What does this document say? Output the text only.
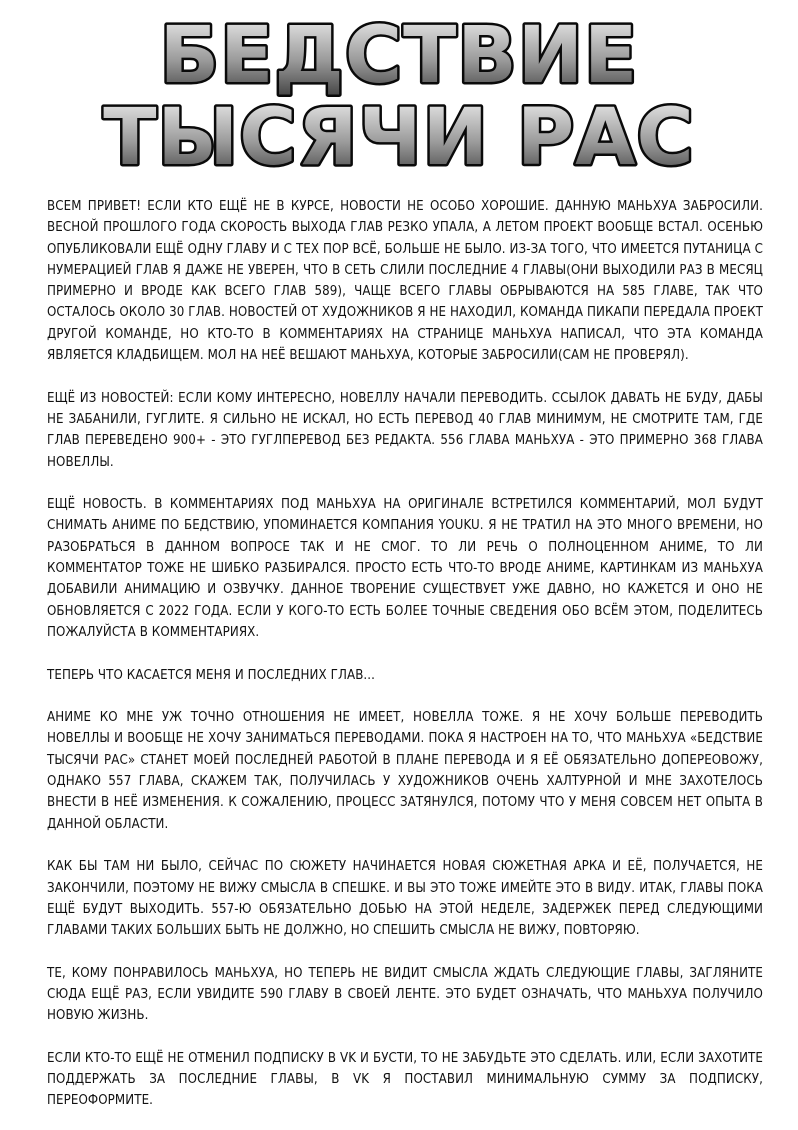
БЕДСТВИЕ
ТЫСЯЧИ РАС

ВСЕМ ПРИВЕТ! ЕСЛИ КТО ЕЩЁ НЕ В КУРСЕ, НОВОСТИ НЕ ОСОБО ХОРОШИЕ. ДАННУЮ МАНЬХУА ЗАБРОСИЛИ. ВЕСНОЙ ПРОШЛОГО ГОДА СКОРОСТЬ ВЫХОДА ГЛАВ РЕЗКО УПАЛА, А ЛЕТОМ ПРОЕКТ ВООБЩЕ ВСТАЛ. ОСЕНЬЮ ОПУБЛИКОВАЛИ ЕЩЁ ОДНУ ГЛАВУ И С ТЕХ ПОР ВСЁ, БОЛЬШЕ НЕ БЫЛО. ИЗ-ЗА ТОГО, ЧТО ИМЕЕТСЯ ПУТАНИЦА С НУМЕРАЦИЕЙ ГЛАВ Я ДАЖЕ НЕ УВЕРЕН, ЧТО В СЕТЬ СЛИЛИ ПОСЛЕДНИЕ 4 ГЛАВЫ(ОНИ ВЫХОДИЛИ РАЗ В МЕСЯЦ ПРИМЕРНО И ВРОДЕ КАК ВСЕГО ГЛАВ 589), ЧАЩЕ ВСЕГО ГЛАВЫ ОБРЫВАЮТСЯ НА 585 ГЛАВЕ, ТАК ЧТО ОСТАЛОСЬ ОКОЛО 30 ГЛАВ. НОВОСТЕЙ ОТ ХУДОЖНИКОВ Я НЕ НАХОДИЛ, КОМАНДА ПИКАПИ ПЕРЕДАЛА ПРОЕКТ ДРУГОЙ КОМАНДЕ, НО КТО-ТО В КОММЕНТАРИЯХ НА СТРАНИЦЕ МАНЬХУА НАПИСАЛ, ЧТО ЭТА КОМАНДА ЯВЛЯЕТСЯ КЛАДБИЩЕМ. МОЛ НА НЕЁ ВЕШАЮТ МАНЬХУА, КОТОРЫЕ ЗАБРОСИЛИ(САМ НЕ ПРОВЕРЯЛ).

ЕЩЁ ИЗ НОВОСТЕЙ: ЕСЛИ КОМУ ИНТЕРЕСНО, НОВЕЛЛУ НАЧАЛИ ПЕРЕВОДИТЬ. ССЫЛОК ДАВАТЬ НЕ БУДУ, ДАБЫ НЕ ЗАБАНИЛИ, ГУГЛИТЕ. Я СИЛЬНО НЕ ИСКАЛ, НО ЕСТЬ ПЕРЕВОД 40 ГЛАВ МИНИМУМ, НЕ СМОТРИТЕ ТАМ, ГДЕ ГЛАВ ПЕРЕВЕДЕНО 900+ - ЭТО ГУГЛПЕРЕВОД БЕЗ РЕДАКТА. 556 ГЛАВА МАНЬХУА - ЭТО ПРИМЕРНО 368 ГЛАВА НОВЕЛЛЫ.

ЕЩЁ НОВОСТЬ. В КОММЕНТАРИЯХ ПОД МАНЬХУА НА ОРИГИНАЛЕ ВСТРЕТИЛСЯ КОММЕНТАРИЙ, МОЛ БУДУТ СНИМАТЬ АНИМЕ ПО БЕДСТВИЮ, УПОМИНАЕТСЯ КОМПАНИЯ YOUKU. Я НЕ ТРАТИЛ НА ЭТО МНОГО ВРЕМЕНИ, НО РАЗОБРАТЬСЯ В ДАННОМ ВОПРОСЕ ТАК И НЕ СМОГ. ТО ЛИ РЕЧЬ О ПОЛНОЦЕННОМ АНИМЕ, ТО ЛИ КОММЕНТАТОР ТОЖЕ НЕ ШИБКО РАЗБИРАЛСЯ. ПРОСТО ЕСТЬ ЧТО-ТО ВРОДЕ АНИМЕ, КАРТИНКАМ ИЗ МАНЬХУА ДОБАВИЛИ АНИМАЦИЮ И ОЗВУЧКУ. ДАННОЕ ТВОРЕНИЕ СУЩЕСТВУЕТ УЖЕ ДАВНО, НО КАЖЕТСЯ И ОНО НЕ ОБНОВЛЯЕТСЯ С 2022 ГОДА. ЕСЛИ У КОГО-ТО ЕСТЬ БОЛЕЕ ТОЧНЫЕ СВЕДЕНИЯ ОБО ВСЁМ ЭТОМ, ПОДЕЛИТЕСЬ ПОЖАЛУЙСТА В КОММЕНТАРИЯХ.

ТЕПЕРЬ ЧТО КАСАЕТСЯ МЕНЯ И ПОСЛЕДНИХ ГЛАВ...

АНИМЕ КО МНЕ УЖ ТОЧНО ОТНОШЕНИЯ НЕ ИМЕЕТ, НОВЕЛЛА ТОЖЕ. Я НЕ ХОЧУ БОЛЬШЕ ПЕРЕВОДИТЬ НОВЕЛЛЫ И ВООБЩЕ НЕ ХОЧУ ЗАНИМАТЬСЯ ПЕРЕВОДАМИ. ПОКА Я НАСТРОЕН НА ТО, ЧТО МАНЬХУА «БЕДСТВИЕ ТЫСЯЧИ РАС» СТАНЕТ МОЕЙ ПОСЛЕДНЕЙ РАБОТОЙ В ПЛАНЕ ПЕРЕВОДА И Я ЕЁ ОБЯЗАТЕЛЬНО ДОПЕРЕОВОЖУ, ОДНАКО 557 ГЛАВА, СКАЖЕМ ТАК, ПОЛУЧИЛАСЬ У ХУДОЖНИКОВ ОЧЕНЬ ХАЛТУРНОЙ И МНЕ ЗАХОТЕЛОСЬ ВНЕСТИ В НЕЁ ИЗМЕНЕНИЯ. К СОЖАЛЕНИЮ, ПРОЦЕСС ЗАТЯНУЛСЯ, ПОТОМУ ЧТО У МЕНЯ СОВСЕМ НЕТ ОПЫТА В ДАННОЙ ОБЛАСТИ.

КАК БЫ ТАМ НИ БЫЛО, СЕЙЧАС ПО СЮЖЕТУ НАЧИНАЕТСЯ НОВАЯ СЮЖЕТНАЯ АРКА И ЕЁ, ПОЛУЧАЕТСЯ, НЕ ЗАКОНЧИЛИ, ПОЭТОМУ НЕ ВИЖУ СМЫСЛА В СПЕШКЕ. И ВЫ ЭТО ТОЖЕ ИМЕЙТЕ ЭТО В ВИДУ. ИТАК, ГЛАВЫ ПОКА ЕЩЁ БУДУТ ВЫХОДИТЬ. 557-Ю ОБЯЗАТЕЛЬНО ДОБЬЮ НА ЭТОЙ НЕДЕЛЕ, ЗАДЕРЖЕК ПЕРЕД СЛЕДУЮЩИМИ ГЛАВАМИ ТАКИХ БОЛЬШИХ БЫТЬ НЕ ДОЛЖНО, НО СПЕШИТЬ СМЫСЛА НЕ ВИЖУ, ПОВТОРЯЮ.

ТЕ, КОМУ ПОНРАВИЛОСЬ МАНЬХУА, НО ТЕПЕРЬ НЕ ВИДИТ СМЫСЛА ЖДАТЬ СЛЕДУЮЩИЕ ГЛАВЫ, ЗАГЛЯНИТЕ СЮДА ЕЩЁ РАЗ, ЕСЛИ УВИДИТЕ 590 ГЛАВУ В СВОЕЙ ЛЕНТЕ. ЭТО БУДЕТ ОЗНАЧАТЬ, ЧТО МАНЬХУА ПОЛУЧИЛО НОВУЮ ЖИЗНЬ.

ЕСЛИ КТО-ТО ЕЩЁ НЕ ОТМЕНИЛ ПОДПИСКУ В VK И БУСТИ, ТО НЕ ЗАБУДЬТЕ ЭТО СДЕЛАТЬ. ИЛИ, ЕСЛИ ЗАХОТИТЕ ПОДДЕРЖАТЬ ЗА ПОСЛЕДНИЕ ГЛАВЫ, В VK Я ПОСТАВИЛ МИНИМАЛЬНУЮ СУММУ ЗА ПОДПИСКУ, ПЕРЕОФОРМИТЕ.
